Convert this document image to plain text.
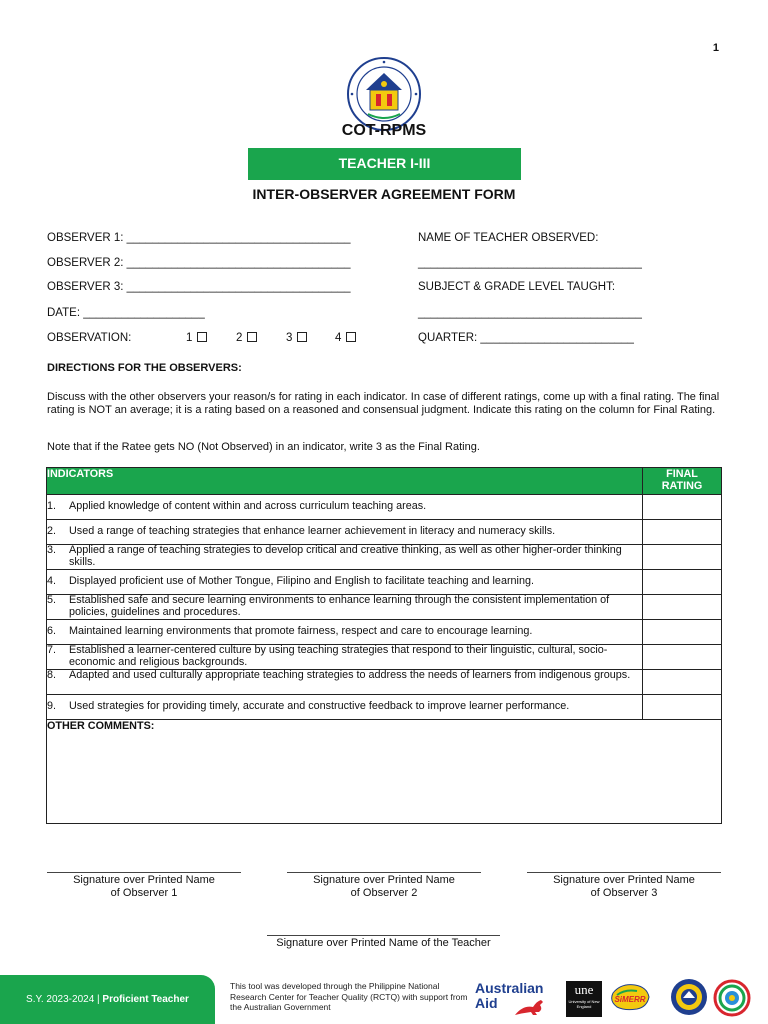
1
COT-RPMS
TEACHER I-III
INTER-OBSERVER AGREEMENT FORM
OBSERVER 1: ___________________________________
OBSERVER 2: ___________________________________
OBSERVER 3: ___________________________________
DATE: ___________________
OBSERVATION:	1	2	3	4
NAME OF TEACHER OBSERVED:
___________________________________
SUBJECT & GRADE LEVEL TAUGHT:
___________________________________
QUARTER: ________________________
DIRECTIONS FOR THE OBSERVERS:
Discuss with the other observers your reason/s for rating in each indicator. In case of different ratings, come up with a final rating. The final rating is NOT an average; it is a rating based on a reasoned and consensual judgment. Indicate this rating on the column for Final Rating.
Note that if the Ratee gets NO (Not Observed) in an indicator, write 3 as the Final Rating.
INDICATORS	FINAL
RATING

1. Applied knowledge of content within and across curriculum teaching areas.	

2. Used a range of teaching strategies that enhance learner achievement in literacy and numeracy skills.	

3. Applied a range of teaching strategies to develop critical and creative thinking, as well as other higher-order thinking skills.	

4. Displayed proficient use of Mother Tongue, Filipino and English to facilitate teaching and learning.	

5. Established safe and secure learning environments to enhance learning through the consistent implementation of policies, guidelines and procedures.	

6. Maintained learning environments that promote fairness, respect and care to encourage learning.	

7. Established a learner-centered culture by using teaching strategies that respond to their linguistic, cultural, socio-economic and religious backgrounds.	

8. Adapted and used culturally appropriate teaching strategies to address the needs of learners from indigenous groups.	

9. Used strategies for providing timely, accurate and constructive feedback to improve learner performance.	

OTHER COMMENTS:	
Signature over Printed Name
of Observer 1
Signature over Printed Name
of Observer 2
Signature over Printed Name
of Observer 3
Signature over Printed Name of the Teacher
S.Y. 2023-2024 | Proficient Teacher
This tool was developed through the Philippine National Research Center for Teacher Quality (RCTQ) with support from the Australian Government
Australian
Aid
une
University of New England
SiMERR
